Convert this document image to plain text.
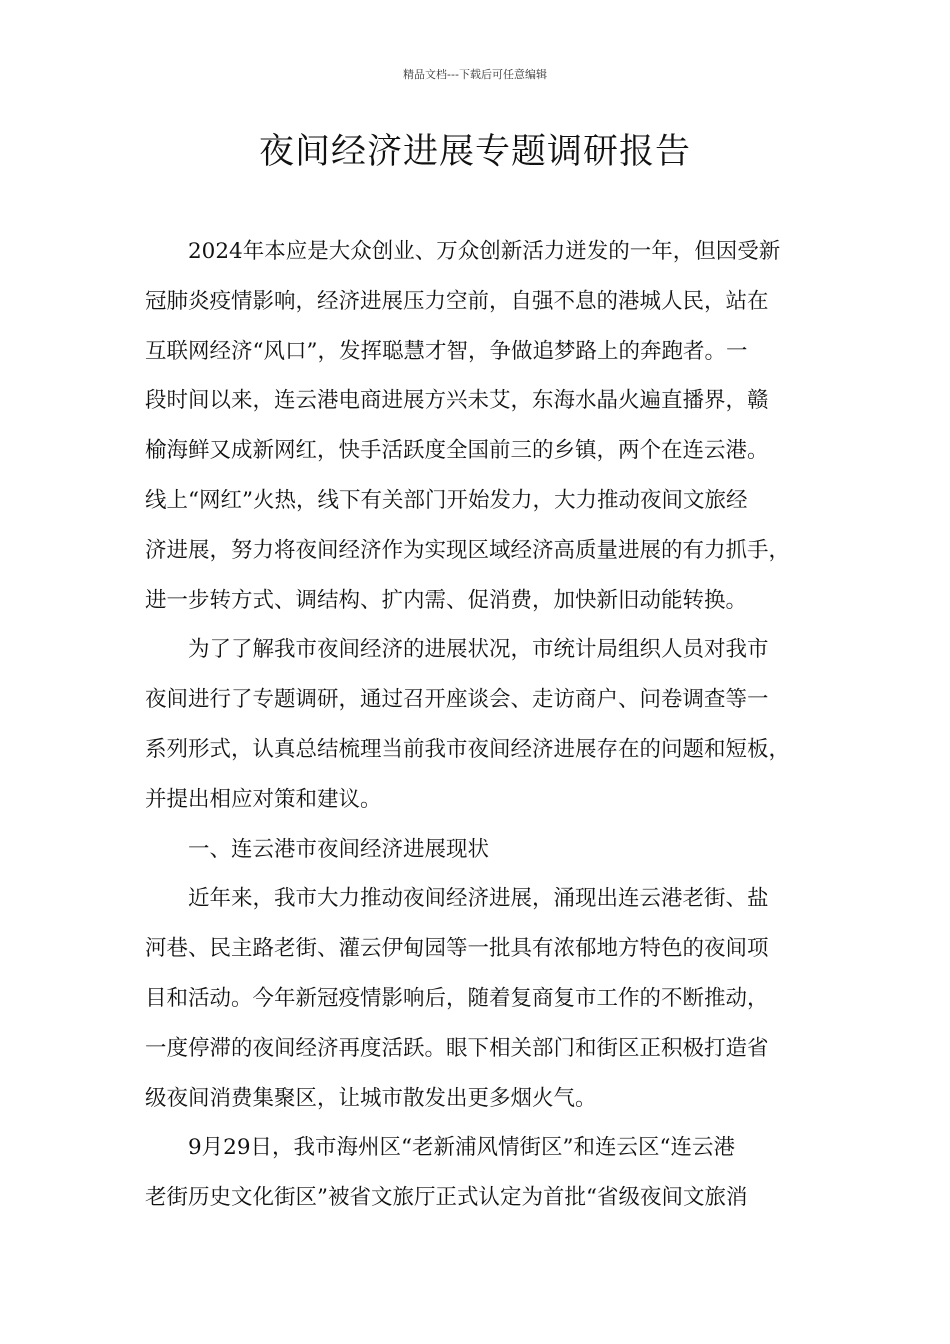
精品文档---下载后可任意编辑
夜间经济进展专题调研报告

2024年本应是大众创业、万众创新活力迸发的一年，但因受新
冠肺炎疫情影响，经济进展压力空前，自强不息的港城人民，站在
互联网经济“风口”，发挥聪慧才智，争做追梦路上的奔跑者。一
段时间以来，连云港电商进展方兴未艾，东海水晶火遍直播界，赣
榆海鲜又成新网红，快手活跃度全国前三的乡镇，两个在连云港。
线上“网红”火热，线下有关部门开始发力，大力推动夜间文旅经
济进展，努力将夜间经济作为实现区域经济高质量进展的有力抓手，
进一步转方式、调结构、扩内需、促消费，加快新旧动能转换。

为了了解我市夜间经济的进展状况，市统计局组织人员对我市
夜间进行了专题调研，通过召开座谈会、走访商户、问卷调查等一
系列形式，认真总结梳理当前我市夜间经济进展存在的问题和短板，
并提出相应对策和建议。

一、连云港市夜间经济进展现状

近年来，我市大力推动夜间经济进展，涌现出连云港老街、盐
河巷、民主路老街、灌云伊甸园等一批具有浓郁地方特色的夜间项
目和活动。今年新冠疫情影响后，随着复商复市工作的不断推动，
一度停滞的夜间经济再度活跃。眼下相关部门和街区正积极打造省
级夜间消费集聚区，让城市散发出更多烟火气。

9月29日，我市海州区“老新浦风情街区”和连云区“连云港
老街历史文化街区”被省文旅厅正式认定为首批“省级夜间文旅消
